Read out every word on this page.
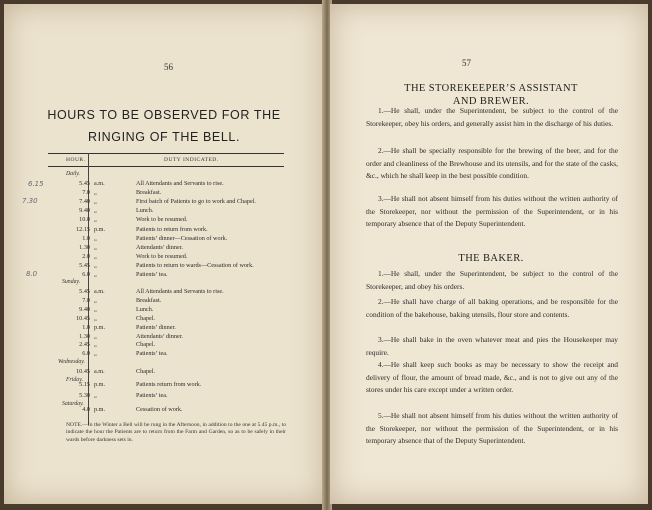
56
HOURS TO BE OBSERVED FOR THE
RINGING OF THE BELL.
HOUR.	DUTY INDICATED.
Daily.
5.45 a.m.	All Attendants and Servants to rise.
7.0 „	Breakfast.
7.40 „	First batch of Patients to go to work and Chapel.
9.40 „	Lunch.
10.0 „	Work to be resumed.
12.15 p.m.	Patients to return from work.
1.0 „	Patients’ dinner—Cessation of work.
1.30 „	Attendants’ dinner.
2.0 „	Work to be resumed.
5.45 „	Patients to return to wards—Cessation of work.
6.0 „	Patients’ tea.
Sunday.
5.45 a.m.	All Attendants and Servants to rise.
7.0 „	Breakfast.
9.40 „	Lunch.
10.45 „	Chapel.
1.0 p.m.	Patients’ dinner.
1.30 „	Attendants’ dinner.
2.45 „	Chapel.
6.0 „	Patients’ tea.
Wednesday.
10.45 a.m.	Chapel.
Friday.
5.15 p.m.	Patients return from work.
5.30 „	Patients’ tea.
Saturday.
4.0 p.m.	Cessation of work.
NOTE.—In the Winter a Bell will be rung in the Afternoon, in addition to the one at 5.45 p.m., to indicate the hour the Patients are to return from the Farm and Garden, so as to be safely in their wards before darkness sets in.
6.15
7.30
8.0
57
THE STOREKEEPER’S ASSISTANT
AND BREWER.
1.—He shall, under the Superintendent, be subject to the control of the Storekeeper, obey his orders, and generally assist him in the discharge of his duties.
2.—He shall be specially responsible for the brewing of the beer, and for the order and cleanliness of the Brewhouse and its utensils, and for the state of the casks, &c., which he shall keep in the best possible condition.
3.—He shall not absent himself from his duties without the written authority of the Storekeeper, nor without the permission of the Superintendent, or in his temporary absence that of the Deputy Superintendent.
THE BAKER.
1.—He shall, under the Superintendent, be subject to the control of the Storekeeper, and obey his orders.
2.—He shall have charge of all baking operations, and be responsible for the condition of the bakehouse, baking utensils, flour store and contents.
3.—He shall bake in the oven whatever meat and pies the Housekeeper may require.
4.—He shall keep such books as may be necessary to show the receipt and delivery of flour, the amount of bread made, &c., and is not to give out any of the stores under his care except under a written order.
5.—He shall not absent himself from his duties without the written authority of the Storekeeper, nor without the permission of the Superintendent, or in his temporary absence that of the Deputy Superintendent.
